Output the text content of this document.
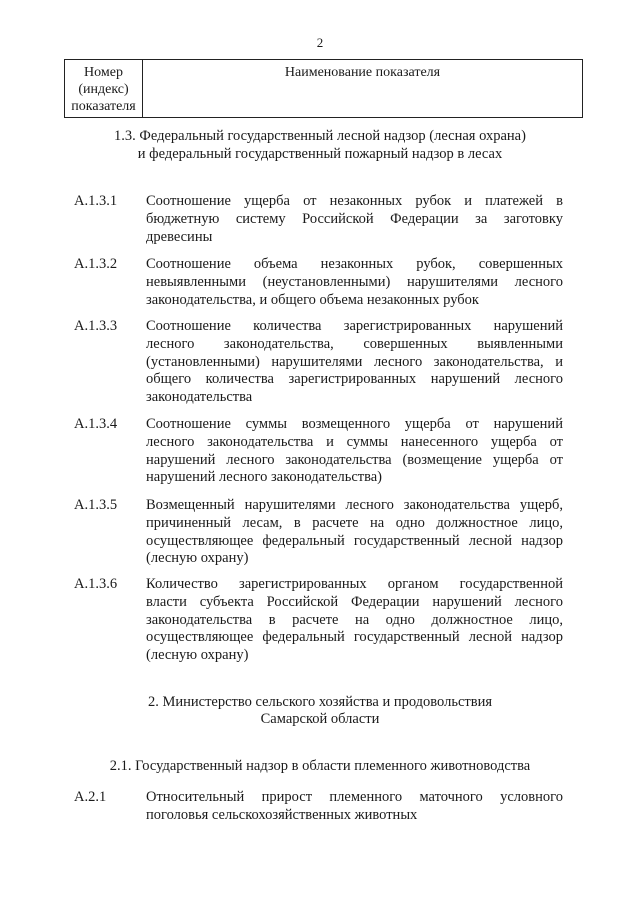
2
Номер
(индекс)
показателя
Наименование показателя
1.3. Федеральный государственный лесной надзор (лесная охрана)
и федеральный государственный пожарный надзор в лесах
А.1.3.1 Соотношение ущерба от незаконных рубок и платежей в
бюджетную систему Российской Федерации за заготовку
древесины
А.1.3.2 Соотношение объема незаконных рубок, совершенных
невыявленными (неустановленными) нарушителями лесного
законодательства, и общего объема незаконных рубок
А.1.3.3 Соотношение количества зарегистрированных нарушений
лесного законодательства, совершенных выявленными
(установленными) нарушителями лесного законодательства, и
общего количества зарегистрированных нарушений лесного
законодательства
А.1.3.4 Соотношение суммы возмещенного ущерба от нарушений
лесного законодательства и суммы нанесенного ущерба от
нарушений лесного законодательства (возмещение ущерба от
нарушений лесного законодательства)
А.1.3.5 Возмещенный нарушителями лесного законодательства ущерб,
причиненный лесам, в расчете на одно должностное лицо,
осуществляющее федеральный государственный лесной надзор
(лесную охрану)
А.1.3.6 Количество зарегистрированных органом государственной
власти субъекта Российской Федерации нарушений лесного
законодательства в расчете на одно должностное лицо,
осуществляющее федеральный государственный лесной надзор
(лесную охрану)
2. Министерство сельского хозяйства и продовольствия
Самарской области
2.1. Государственный надзор в области племенного животноводства
А.2.1	Относительный прирост племенного маточного условного
поголовья сельскохозяйственных животных
